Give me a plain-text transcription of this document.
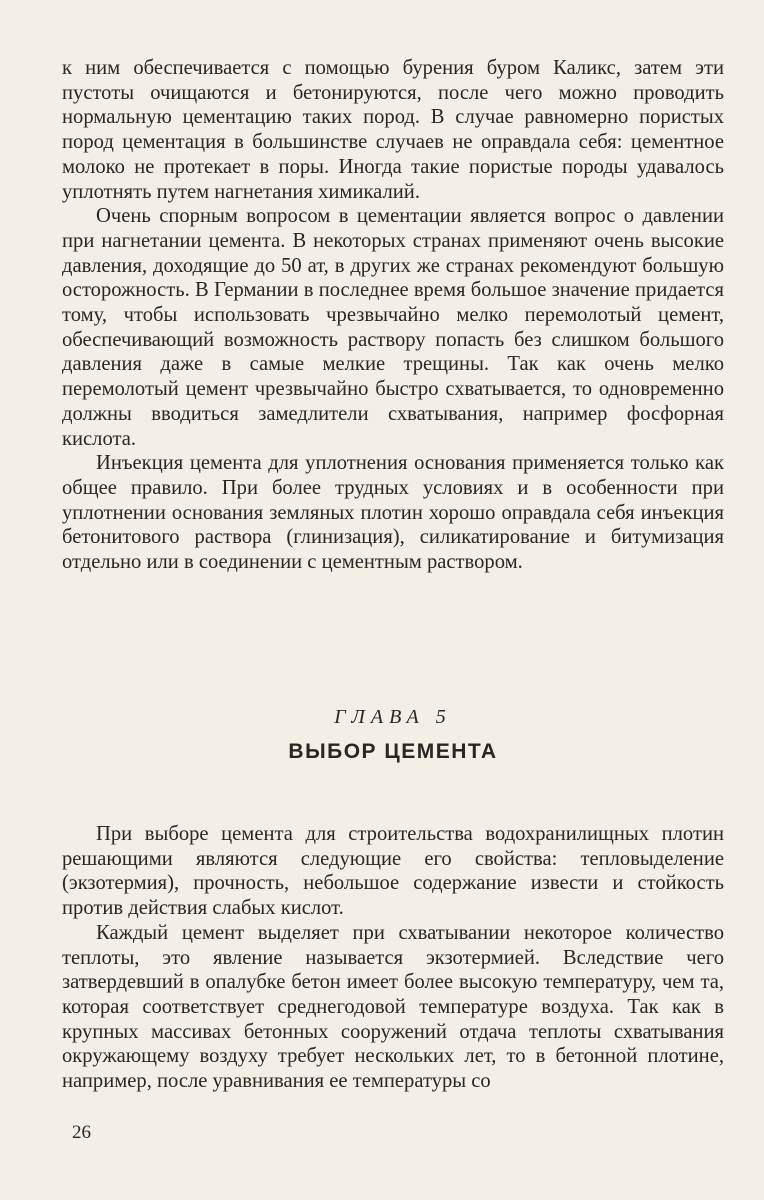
к ним обеспечивается с помощью бурения буром Каликс, затем эти пустоты очищаются и бетонируются, после чего можно проводить нормальную цементацию таких пород. В случае равномерно пористых пород цементация в большинстве случаев не оправдала себя: цементное молоко не протекает в поры. Иногда такие пористые породы удавалось уплотнять путем нагнетания химикалий.

Очень спорным вопросом в цементации является вопрос о давлении при нагнетании цемента. В некоторых странах применяют очень высокие давления, доходящие до 50 ат, в других же странах рекомендуют большую осторожность. В Германии в последнее время большое значение придается тому, чтобы использовать чрезвычайно мелко перемолотый цемент, обеспечивающий возможность раствору попасть без слишком большого давления даже в самые мелкие трещины. Так как очень мелко перемолотый цемент чрезвычайно быстро схватывается, то одновременно должны вводиться замедлители схватывания, например фосфорная кислота.

Инъекция цемента для уплотнения основания применяется только как общее правило. При более трудных условиях и в особенности при уплотнении основания земляных плотин хорошо оправдала себя инъекция бетонитового раствора (глинизация), силикатирование и битумизация отдельно или в соединении с цементным раствором.

ГЛАВА 5
ВЫБОР ЦЕМЕНТА

При выборе цемента для строительства водохранилищных плотин решающими являются следующие его свойства: тепловыделение (экзотермия), прочность, небольшое содержание извести и стойкость против действия слабых кислот.

Каждый цемент выделяет при схватывании некоторое количество теплоты, это явление называется экзотермией. Вследствие чего затвердевший в опалубке бетон имеет более высокую температуру, чем та, которая соответствует среднегодовой температуре воздуха. Так как в крупных массивах бетонных сооружений отдача теплоты схватывания окружающему воздуху требует нескольких лет, то в бетонной плотине, например, после уравнивания ее температуры со

26
